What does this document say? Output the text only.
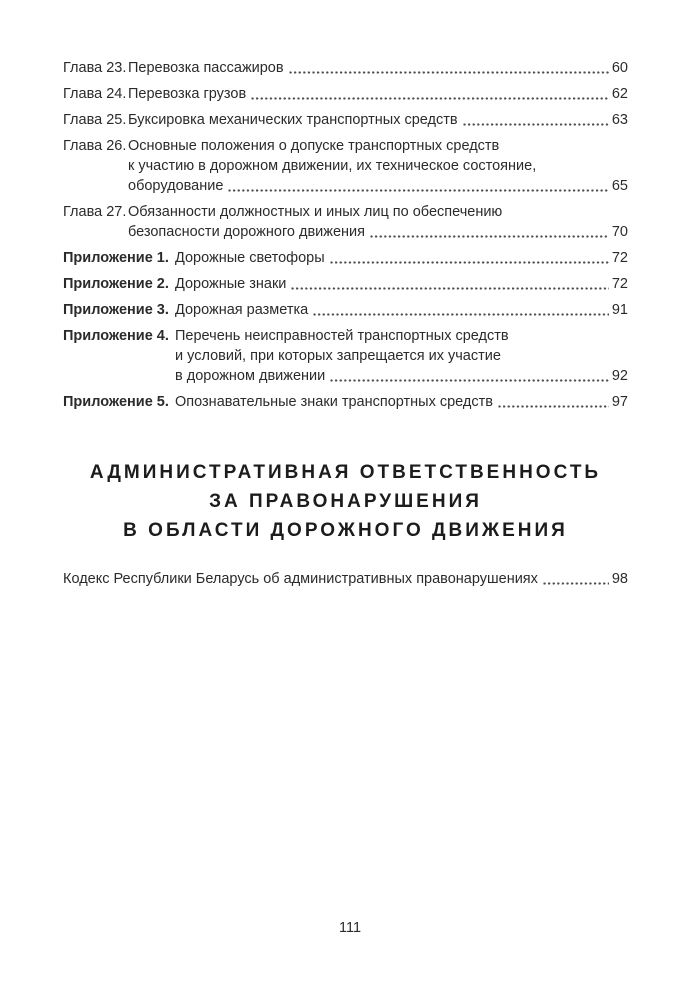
Глава 23. Перевозка пассажиров	60
Глава 24. Перевозка грузов	62
Глава 25. Буксировка механических транспортных средств	63
Глава 26. Основные положения о допуске транспортных средств
к участию в дорожном движении, их техническое состояние,
оборудование	65
Глава 27. Обязанности должностных и иных лиц по обеспечению
безопасности дорожного движения	70
Приложение 1. Дорожные светофоры	72
Приложение 2. Дорожные знаки	72
Приложение 3. Дорожная разметка	91
Приложение 4. Перечень неисправностей транспортных средств
и условий, при которых запрещается их участие
в дорожном движении	92
Приложение 5. Опознавательные знаки транспортных средств	97
АДМИНИСТРАТИВНАЯ ОТВЕТСТВЕННОСТЬ
ЗА ПРАВОНАРУШЕНИЯ
В ОБЛАСТИ ДОРОЖНОГО ДВИЖЕНИЯ
Кодекс Республики Беларусь об административных правонарушениях	98
111
